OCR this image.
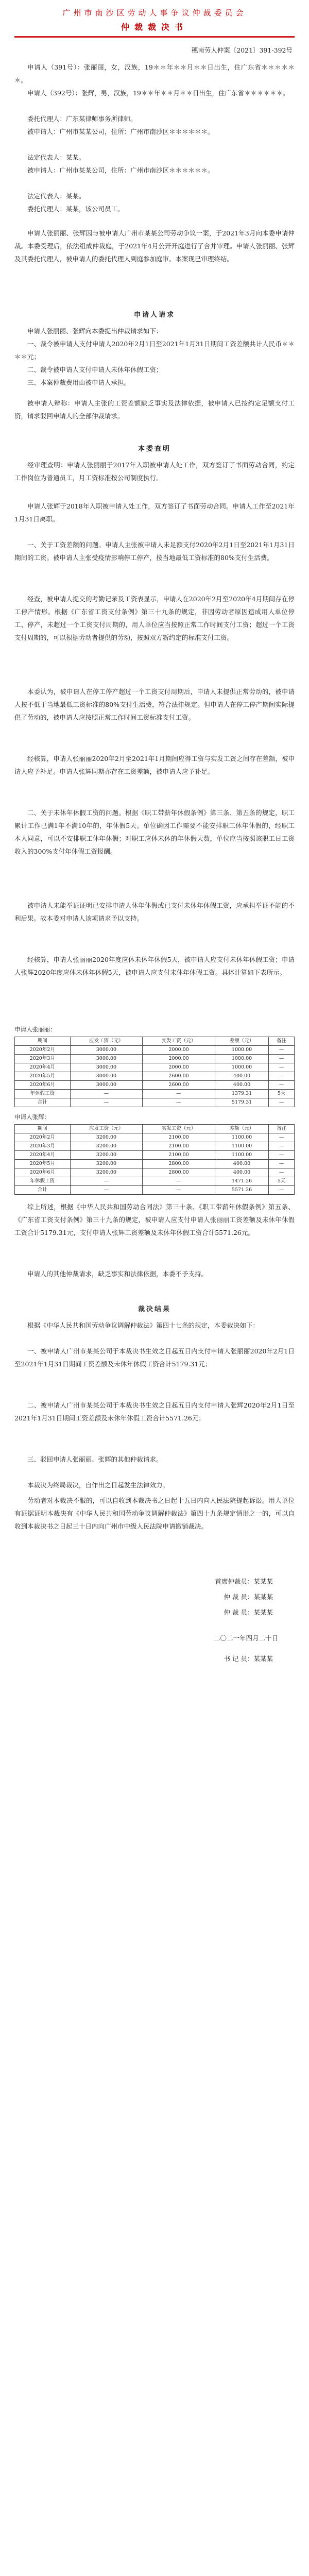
广州市南沙区劳动人事争议仲裁委员会
仲裁裁决书
穗南劳人仲案〔2021〕391-392号
申请人（391号）：张丽丽，女，汉族，19＊＊年＊＊月＊＊日出生，住广东省＊＊＊＊＊＊。
申请人（392号）：张辉，男，汉族，19＊＊年＊＊月＊＊日出生，住广东省＊＊＊＊＊＊。
委托代理人：广东某律师事务所律师。
被申请人：广州市某某公司，住所：广州市南沙区＊＊＊＊＊＊。
法定代表人：某某。
被申请人：广州市某某公司，住所：广州市南沙区＊＊＊＊＊＊。
法定代表人：某某。
委托代理人：某某，该公司员工。
申请人张丽丽、张辉因与被申请人广州市某某公司劳动争议一案，于2021年3月向本委申请仲裁。本委受理后，依法组成仲裁庭，于2021年4月公开开庭进行了合并审理。申请人张丽丽、张辉及其委托代理人，被申请人的委托代理人到庭参加庭审。本案现已审理终结。
申请人请求
申请人张丽丽、张辉向本委提出仲裁请求如下：
一、裁令被申请人支付申请人2020年2月1日至2021年1月31日期间工资差额共计人民币＊＊＊＊元；
二、裁令被申请人支付申请人未休年休假工资；
三、本案仲裁费用由被申请人承担。
被申请人辩称：申请人主张的工资差额缺乏事实及法律依据，被申请人已按约定足额支付工资，请求驳回申请人的全部仲裁请求。
本委查明
经审理查明：申请人张丽丽于2017年入职被申请人处工作，双方签订了书面劳动合同，约定工作岗位为普通员工，月工资标准按公司制度执行。
申请人张辉于2018年入职被申请人处工作，双方签订了书面劳动合同。申请人工作至2021年1月31日离职。
一、关于工资差额的问题。申请人主张被申请人未足额支付2020年2月1日至2021年1月31日期间的工资。被申请人主张受疫情影响停工停产，按当地最低工资标准的80%支付生活费。
经查，被申请人提交的考勤记录及工资表显示，申请人在2020年2月至2020年4月期间存在停工停产情形。根据《广东省工资支付条例》第三十九条的规定，非因劳动者原因造成用人单位停工、停产，未超过一个工资支付周期的，用人单位应当按照正常工作时间支付工资；超过一个工资支付周期的，可以根据劳动者提供的劳动，按照双方新约定的标准支付工资。
本委认为，被申请人在停工停产超过一个工资支付周期后，申请人未提供正常劳动的，被申请人按不低于当地最低工资标准的80%支付生活费，符合法律规定。但申请人在停工停产期间实际提供了劳动的，被申请人应按照正常工作时间工资标准支付工资。
经核算，申请人张丽丽2020年2月至2021年1月期间应得工资与实发工资之间存在差额，被申请人应予补足。申请人张辉同期亦存在工资差额，被申请人应予补足。
二、关于未休年休假工资的问题。根据《职工带薪年休假条例》第三条、第五条的规定，职工累计工作已满1年不满10年的，年休假5天。单位确因工作需要不能安排职工休年休假的，经职工本人同意，可以不安排职工休年休假；对职工应休未休的年休假天数，单位应当按照该职工日工资收入的300%支付年休假工资报酬。
被申请人未能举证证明已安排申请人休年休假或已支付未休年休假工资，应承担举证不能的不利后果。故本委对申请人该项请求予以支持。
经核算，申请人张丽丽2020年度应休未休年休假5天，被申请人应支付未休年休假工资；申请人张辉2020年度应休未休年休假5天，被申请人应支付未休年休假工资。具体计算如下表所示。
申请人张丽丽：
期间	应发工资（元）	实发工资（元）	差额（元）	备注
2020年2月	3000.00	2000.00	1000.00	—
2020年3月	3000.00	2000.00	1000.00	—
2020年4月	3000.00	2000.00	1000.00	—
2020年5月	3000.00	2600.00	400.00	—
2020年6月	3000.00	2600.00	400.00	—
年休假工资	—	—	1379.31	5天
合计	—	—	5179.31	—
申请人张辉：
期间	应发工资（元）	实发工资（元）	差额（元）	备注
2020年2月	3200.00	2100.00	1100.00	—
2020年3月	3200.00	2100.00	1100.00	—
2020年4月	3200.00	2100.00	1100.00	—
2020年5月	3200.00	2800.00	400.00	—
2020年6月	3200.00	2800.00	400.00	—
年休假工资	—	—	1471.26	5天
合计	—	—	5571.26	—
综上所述，根据《中华人民共和国劳动合同法》第三十条、《职工带薪年休假条例》第五条、《广东省工资支付条例》第三十九条的规定，被申请人应支付申请人张丽丽工资差额及未休年休假工资合计5179.31元，支付申请人张辉工资差额及未休年休假工资合计5571.26元。
申请人的其他仲裁请求，缺乏事实和法律依据，本委不予支持。
裁决结果
根据《中华人民共和国劳动争议调解仲裁法》第四十七条的规定，本委裁决如下：
一、被申请人广州市某某公司于本裁决书生效之日起五日内支付申请人张丽丽2020年2月1日至2021年1月31日期间工资差额及未休年休假工资合计5179.31元；
二、被申请人广州市某某公司于本裁决书生效之日起五日内支付申请人张辉2020年2月1日至2021年1月31日期间工资差额及未休年休假工资合计5571.26元；
三、驳回申请人张丽丽、张辉的其他仲裁请求。
本裁决为终局裁决，自作出之日起发生法律效力。
劳动者对本裁决不服的，可以自收到本裁决书之日起十五日内向人民法院提起诉讼。用人单位有证据证明本裁决有《中华人民共和国劳动争议调解仲裁法》第四十九条规定情形之一的，可以自收到本裁决书之日起三十日内向广州市中级人民法院申请撤销裁决。
首席仲裁员：某某某
仲 裁 员：某某某
仲 裁 员：某某某
二〇二一年四月二十日
书 记 员：某某某
